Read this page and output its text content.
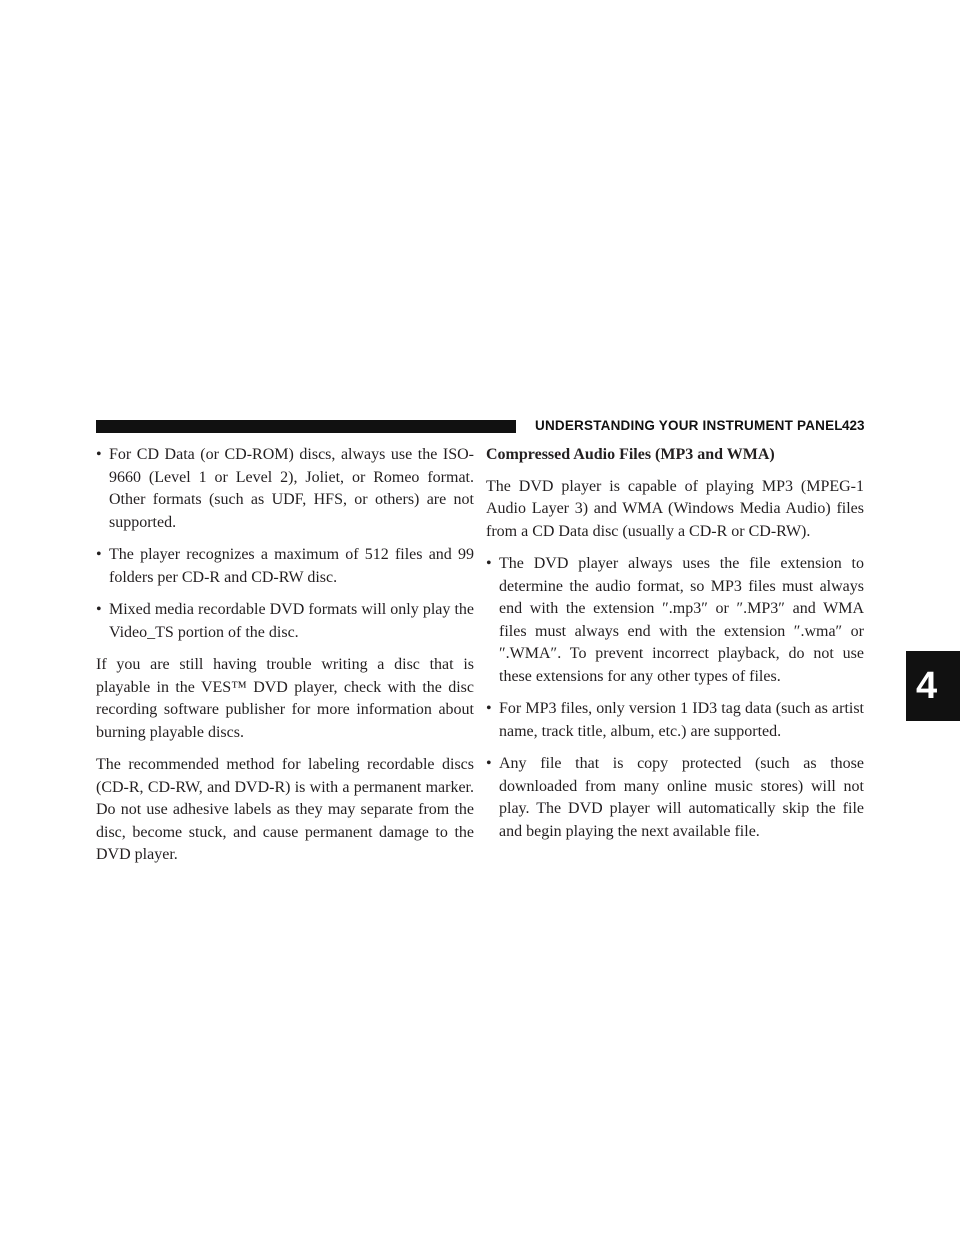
UNDERSTANDING YOUR INSTRUMENT PANEL 423
4
• For CD Data (or CD-ROM) discs, always use the ISO-9660 (Level 1 or Level 2), Joliet, or Romeo format. Other formats (such as UDF, HFS, or others) are not supported.
• The player recognizes a maximum of 512 files and 99 folders per CD-R and CD-RW disc.
• Mixed media recordable DVD formats will only play the Video_TS portion of the disc.

If you are still having trouble writing a disc that is playable in the VES™ DVD player, check with the disc recording software publisher for more information about burning playable discs.

The recommended method for labeling recordable discs (CD-R, CD-RW, and DVD-R) is with a permanent marker. Do not use adhesive labels as they may separate from the disc, become stuck, and cause permanent damage to the DVD player.

Compressed Audio Files (MP3 and WMA)

The DVD player is capable of playing MP3 (MPEG-1 Audio Layer 3) and WMA (Windows Media Audio) files from a CD Data disc (usually a CD-R or CD-RW).

• The DVD player always uses the file extension to determine the audio format, so MP3 files must always end with the extension ″.mp3″ or ″.MP3″ and WMA files must always end with the extension ″.wma″ or ″.WMA″. To prevent incorrect playback, do not use these extensions for any other types of files.
• For MP3 files, only version 1 ID3 tag data (such as artist name, track title, album, etc.) are supported.
• Any file that is copy protected (such as those downloaded from many online music stores) will not play. The DVD player will automatically skip the file and begin playing the next available file.
